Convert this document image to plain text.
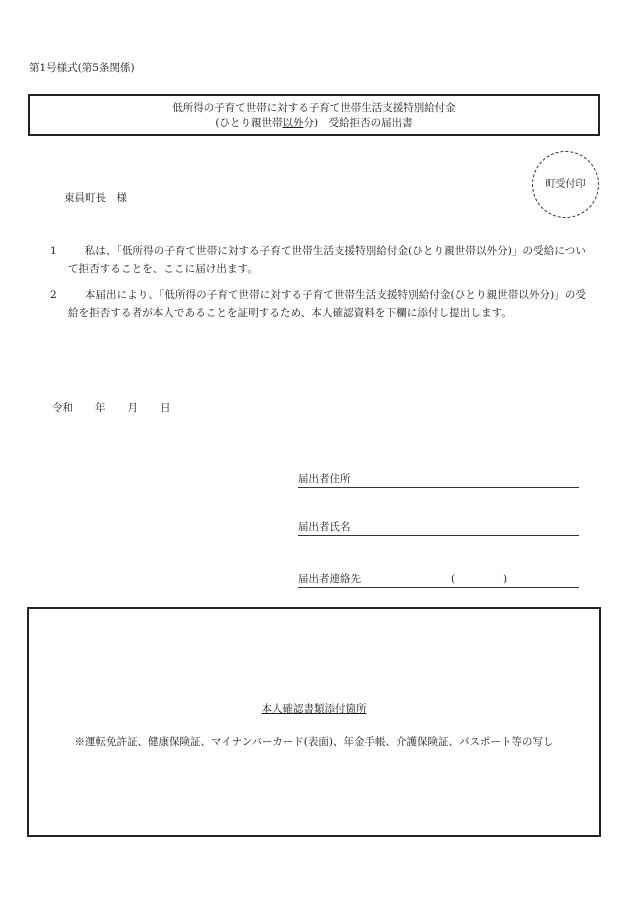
第1号様式(第5条関係)
低所得の子育て世帯に対する子育て世帯生活支援特別給付金
(ひとり親世帯以外分)　受給拒否の届出書
町受付印
東員町長　様
1	私は、「低所得の子育て世帯に対する子育て世帯生活支援特別給付金(ひとり親世帯以外分)」の受給について拒否することを、ここに届け出ます。
2	本届出により、「低所得の子育て世帯に対する子育て世帯生活支援特別給付金(ひとり親世帯以外分)」の受給を拒否する者が本人であることを証明するため、本人確認資料を下欄に添付し提出します。
令和 年 月 日
届出者住所
届出者氏名
届出者連絡先	(	)
本人確認書類添付箇所
※運転免許証、健康保険証、マイナンバーカード(表面)、年金手帳、介護保険証、パスポート等の写し
